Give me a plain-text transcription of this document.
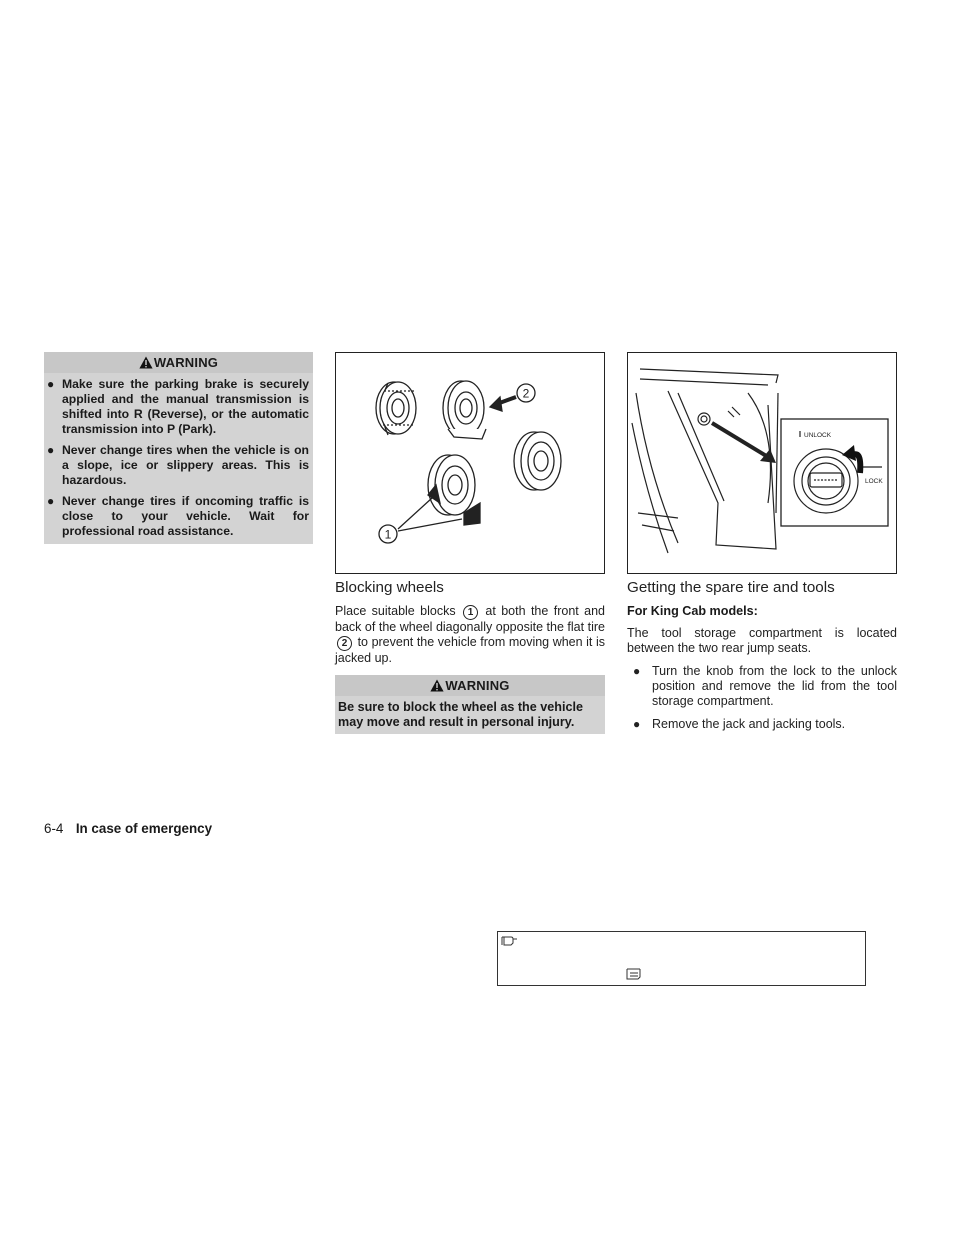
WARNING
● Make sure the parking brake is securely applied and the manual transmission is shifted into R (Reverse), or the automatic transmission into P (Park).
● Never change tires when the vehicle is on a slope, ice or slippery areas. This is hazardous.
● Never change tires if oncoming traffic is close to your vehicle. Wait for professional road assistance.
2
1
Blocking wheels
Place suitable blocks 1 at both the front and back of the wheel diagonally opposite the flat tire 2 to prevent the vehicle from moving when it is jacked up.
WARNING
Be sure to block the wheel as the vehicle may move and result in personal injury.
UNLOCK
LOCK
Getting the spare tire and tools
For King Cab models:
The tool storage compartment is located between the two rear jump seats.
● Turn the knob from the lock to the unlock position and remove the lid from the tool storage compartment.
● Remove the jack and jacking tools.
6-4 In case of emergency
